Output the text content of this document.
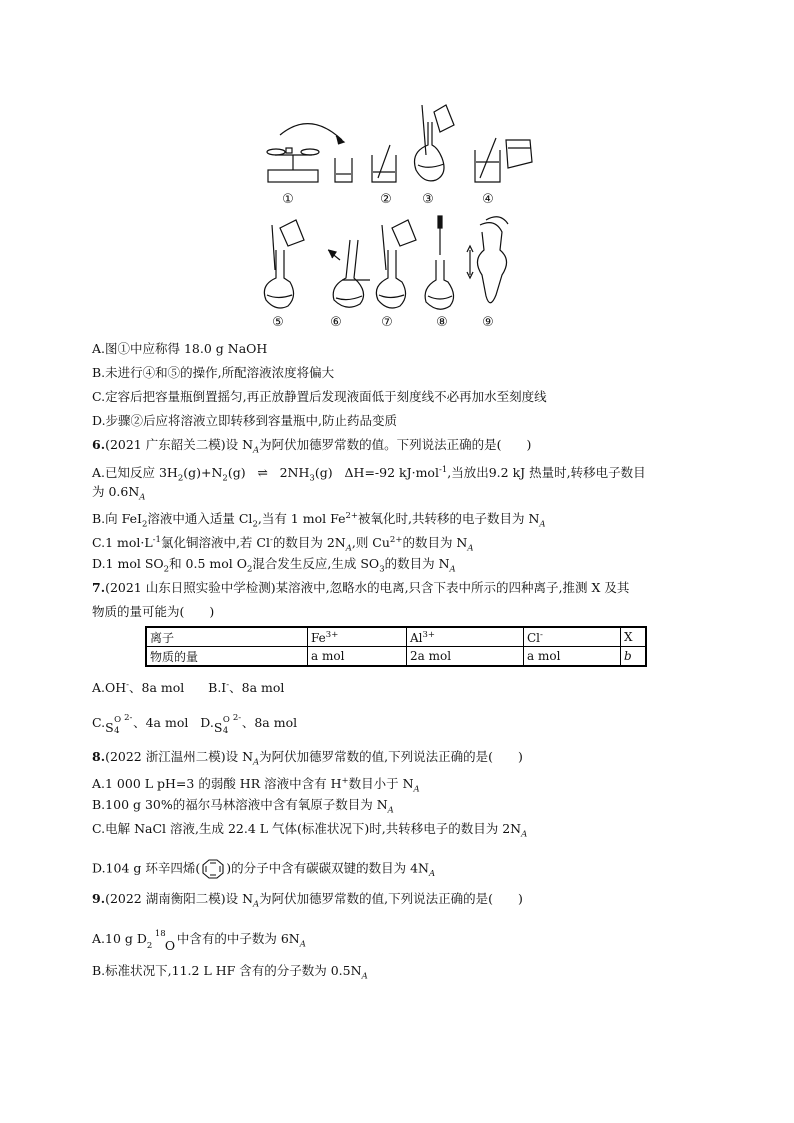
①	② ③	④
⑤	⑥	⑦	⑧	⑨
A.图①中应称得 18.0 g NaOH
B.未进行④和⑤的操作,所配溶液浓度将偏大
C.定容后把容量瓶倒置摇匀,再正放静置后发现液面低于刻度线不必再加水至刻度线
D.步骤②后应将溶液立即转移到容量瓶中,防止药品变质
6.(2021 广东韶关二模)设 $N_A$为阿伏加德罗常数的值。下列说法正确的是(　　)
A.已知反应 $3H_2(g)+N_2(g)$ ⇌ $2NH_3(g)$   ΔH=-92 kJ·mol$^{-1}$,当放出9.2 kJ 热量时,转移电子数目
为 $0.6N_A$
B.向 FeI$_2$溶液中通入适量 $Cl_2$,当有 1 mol $Fe^{2+}$被氧化时,共转移的电子数目为 $N_A$
C.1 $mol\cdot L^{-1}$氯化铜溶液中,若 Cl-的数目为 $2N_A$,则 $Cu^{2+}$的数目为 $N_A$
D.1 mol $SO_2$和 0.5 mol $O_2$混合发生反应,生成 $SO_3$的数目为 $N_A$
7.(2021 山东日照实验中学检测)某溶液中,忽略水的电离,只含下表中所示的四种离子,推测 X 及其
物质的量可能为(　　)
离子	$Fe^{3+}$	$Al^{3+}$	Cl-	X
物质的量	a mol	2a mol	a mol	b
A.OH-、8a mol B.I-、8a mol
C. S O
4
2- 、4a mol   D. S O
4
2- 、8a mol
8.(2022 浙江温州二模)设 $N_A$为阿伏加德罗常数的值,下列说法正确的是(　　)
A.1 000 L pH=3 的弱酸 HR 溶液中含有 H+数目小于 $N_A$
B.100 g 30%的福尔马林溶液中含有氧原子数目为 $N_A$
C.电解 NaCl 溶液,生成 22.4 L 气体(标准状况下)时,共转移电子的数目为 $2N_A$
D.104 g 环辛四烯( )的分子中含有碳碳双键的数目为 $4N_A$
9.(2022 湖南衡阳二模)设 $N_A$为阿伏加德罗常数的值,下列说法正确的是(　　)
A.10 g D 2
18
O 中含有的中子数为 $6N_A$
B.标准状况下,11.2 L HF 含有的分子数为 $0.5N_A$
